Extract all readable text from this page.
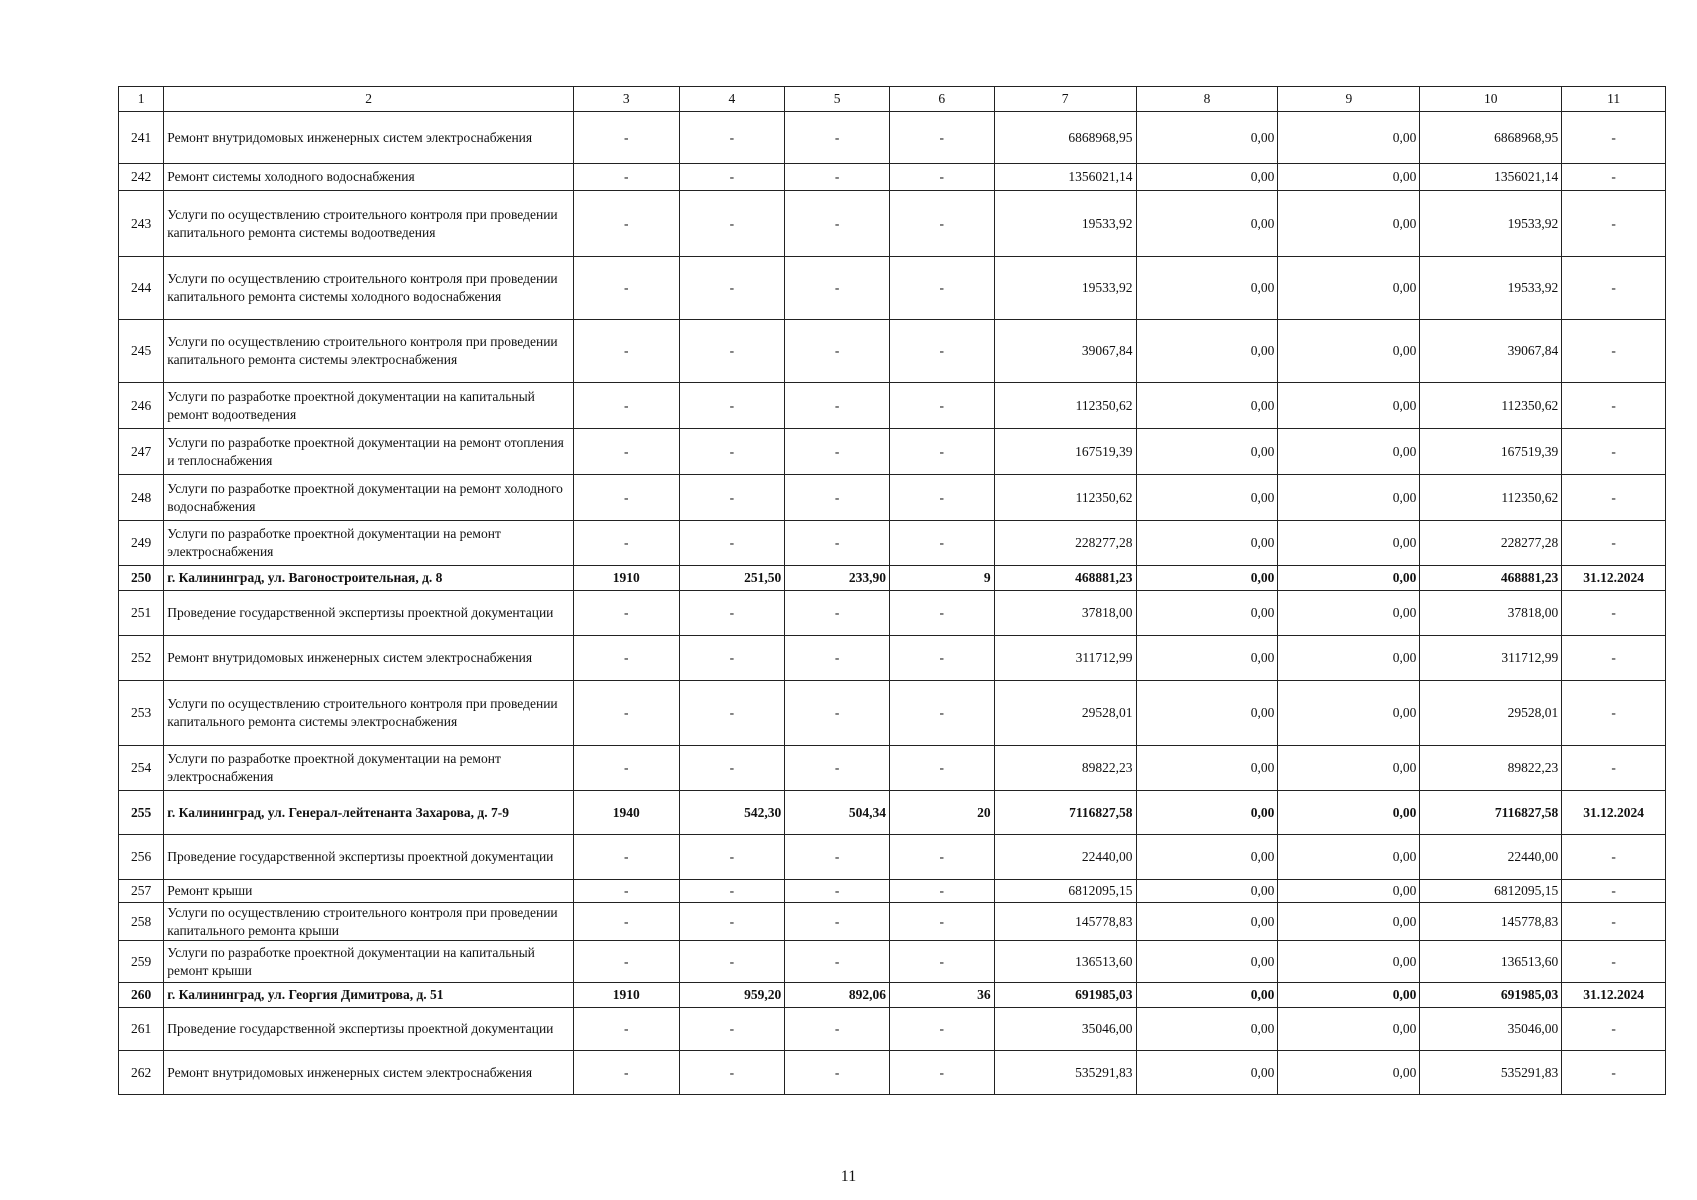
1	2	3	4	5	6	7	8	9	10	11
241	Ремонт внутридомовых инженерных систем электроснабжения	-	-	-	-	6868968,95	0,00	0,00	6868968,95	-
242	Ремонт системы холодного водоснабжения	-	-	-	-	1356021,14	0,00	0,00	1356021,14	-
243	Услуги по осуществлению строительного контроля при проведении капитального ремонта системы водоотведения	-	-	-	-	19533,92	0,00	0,00	19533,92	-
244	Услуги по осуществлению строительного контроля при проведении капитального ремонта системы холодного водоснабжения	-	-	-	-	19533,92	0,00	0,00	19533,92	-
245	Услуги по осуществлению строительного контроля при проведении капитального ремонта системы электроснабжения	-	-	-	-	39067,84	0,00	0,00	39067,84	-
246	Услуги по разработке проектной документации на капитальный ремонт водоотведения	-	-	-	-	112350,62	0,00	0,00	112350,62	-
247	Услуги по разработке проектной документации на ремонт отопления и теплоснабжения	-	-	-	-	167519,39	0,00	0,00	167519,39	-
248	Услуги по разработке проектной документации на ремонт холодного водоснабжения	-	-	-	-	112350,62	0,00	0,00	112350,62	-
249	Услуги по разработке проектной документации на ремонт электроснабжения	-	-	-	-	228277,28	0,00	0,00	228277,28	-
250	г. Калининград, ул. Вагоностроительная, д. 8	1910	251,50	233,90	9	468881,23	0,00	0,00	468881,23	31.12.2024
251	Проведение государственной экспертизы проектной документации	-	-	-	-	37818,00	0,00	0,00	37818,00	-
252	Ремонт внутридомовых инженерных систем электроснабжения	-	-	-	-	311712,99	0,00	0,00	311712,99	-
253	Услуги по осуществлению строительного контроля при проведении капитального ремонта системы электроснабжения	-	-	-	-	29528,01	0,00	0,00	29528,01	-
254	Услуги по разработке проектной документации на ремонт электроснабжения	-	-	-	-	89822,23	0,00	0,00	89822,23	-
255	г. Калининград, ул. Генерал-лейтенанта Захарова, д. 7-9	1940	542,30	504,34	20	7116827,58	0,00	0,00	7116827,58	31.12.2024
256	Проведение государственной экспертизы проектной документации	-	-	-	-	22440,00	0,00	0,00	22440,00	-
257	Ремонт крыши	-	-	-	-	6812095,15	0,00	0,00	6812095,15	-
258	Услуги по осуществлению строительного контроля при проведении капитального ремонта крыши	-	-	-	-	145778,83	0,00	0,00	145778,83	-
259	Услуги по разработке проектной документации на капитальный ремонт крыши	-	-	-	-	136513,60	0,00	0,00	136513,60	-
260	г. Калининград, ул. Георгия Димитрова, д. 51	1910	959,20	892,06	36	691985,03	0,00	0,00	691985,03	31.12.2024
261	Проведение государственной экспертизы проектной документации	-	-	-	-	35046,00	0,00	0,00	35046,00	-
262	Ремонт внутридомовых инженерных систем электроснабжения	-	-	-	-	535291,83	0,00	0,00	535291,83	-
11
